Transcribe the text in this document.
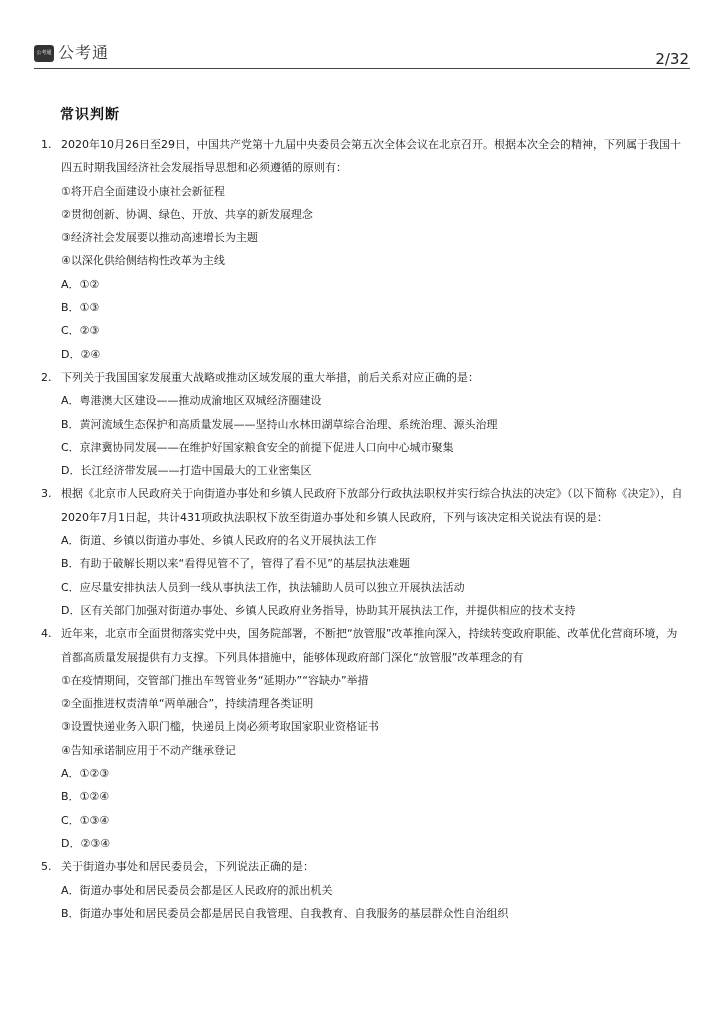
公考通 公考通	2/32
常识判断
1. 2020年10月26日至29日，中国共产党第十九届中央委员会第五次全体会议在北京召开。根据本次全会的精神，下列属于我国十四五时期我国经济社会发展指导思想和必须遵循的原则有：
①将开启全面建设小康社会新征程
②贯彻创新、协调、绿色、开放、共享的新发展理念
③经济社会发展要以推动高速增长为主题
④以深化供给侧结构性改革为主线
A．①②
B．①③
C．②③
D．②④
2. 下列关于我国国家发展重大战略或推动区域发展的重大举措，前后关系对应正确的是：
A．粤港澳大区建设——推动成渝地区双城经济圈建设
B．黄河流域生态保护和高质量发展——坚持山水林田湖草综合治理、系统治理、源头治理
C．京津冀协同发展——在维护好国家粮食安全的前提下促进人口向中心城市聚集
D．长江经济带发展——打造中国最大的工业密集区
3. 根据《北京市人民政府关于向街道办事处和乡镇人民政府下放部分行政执法职权并实行综合执法的决定》（以下简称《决定》），自2020年7月1日起，共计431项政执法职权下放至街道办事处和乡镇人民政府，下列与该决定相关说法有误的是：
A．街道、乡镇以街道办事处、乡镇人民政府的名义开展执法工作
B．有助于破解长期以来“看得见管不了，管得了看不见”的基层执法难题
C．应尽量安排执法人员到一线从事执法工作，执法辅助人员可以独立开展执法活动
D．区有关部门加强对街道办事处、乡镇人民政府业务指导，协助其开展执法工作，并提供相应的技术支持
4. 近年来，北京市全面贯彻落实党中央，国务院部署，不断把“放管服”改革推向深入，持续转变政府职能、改革优化营商环境，为首都高质量发展提供有力支撑。下列具体措施中，能够体现政府部门深化“放管服”改革理念的有
①在疫情期间，交管部门推出车驾管业务“延期办”“容缺办”举措
②全面推进权责清单“两单融合”，持续清理各类证明
③设置快递业务入职门槛，快递员上岗必须考取国家职业资格证书
④告知承诺制应用于不动产继承登记
A．①②③
B．①②④
C．①③④
D．②③④
5. 关于街道办事处和居民委员会，下列说法正确的是：
A．街道办事处和居民委员会都是区人民政府的派出机关
B．街道办事处和居民委员会都是居民自我管理、自我教育、自我服务的基层群众性自治组织
